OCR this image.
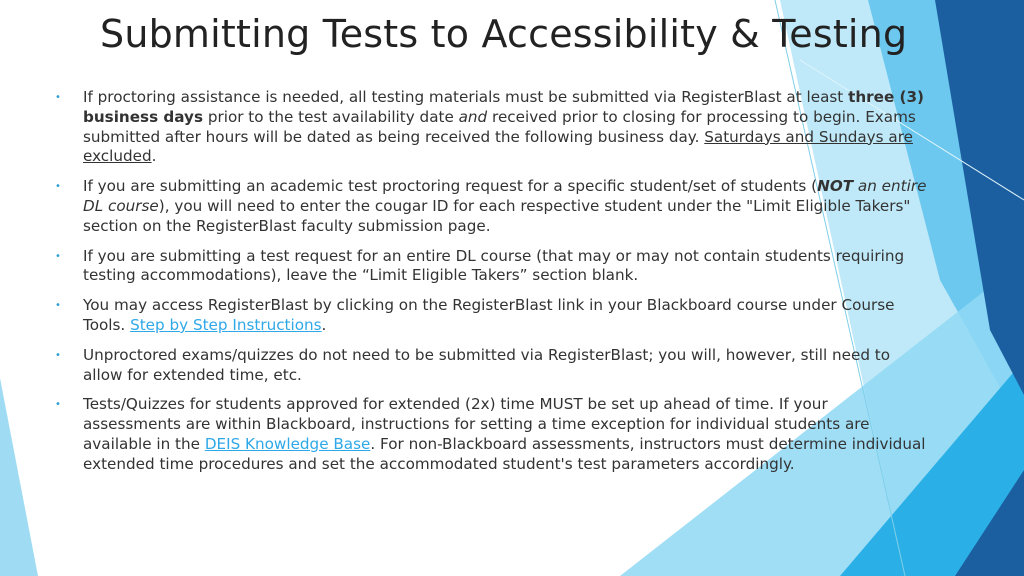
Submitting Tests to Accessibility & Testing
• If proctoring assistance is needed, all testing materials must be submitted via RegisterBlast at least three (3) business days prior to the test availability date and received prior to closing for processing to begin. Exams submitted after hours will be dated as being received the following business day. Saturdays and Sundays are excluded.
• If you are submitting an academic test proctoring request for a specific student/set of students (NOT an entire DL course), you will need to enter the cougar ID for each respective student under the "Limit Eligible Takers" section on the RegisterBlast faculty submission page.
• If you are submitting a test request for an entire DL course (that may or may not contain students requiring testing accommodations), leave the “Limit Eligible Takers” section blank.
• You may access RegisterBlast by clicking on the RegisterBlast link in your Blackboard course under Course Tools. Step by Step Instructions.
• Unproctored exams/quizzes do not need to be submitted via RegisterBlast; you will, however, still need to allow for extended time, etc.
• Tests/Quizzes for students approved for extended (2x) time MUST be set up ahead of time. If your assessments are within Blackboard, instructions for setting a time exception for individual students are available in the DEIS Knowledge Base. For non-Blackboard assessments, instructors must determine individual extended time procedures and set the accommodated student's test parameters accordingly.
